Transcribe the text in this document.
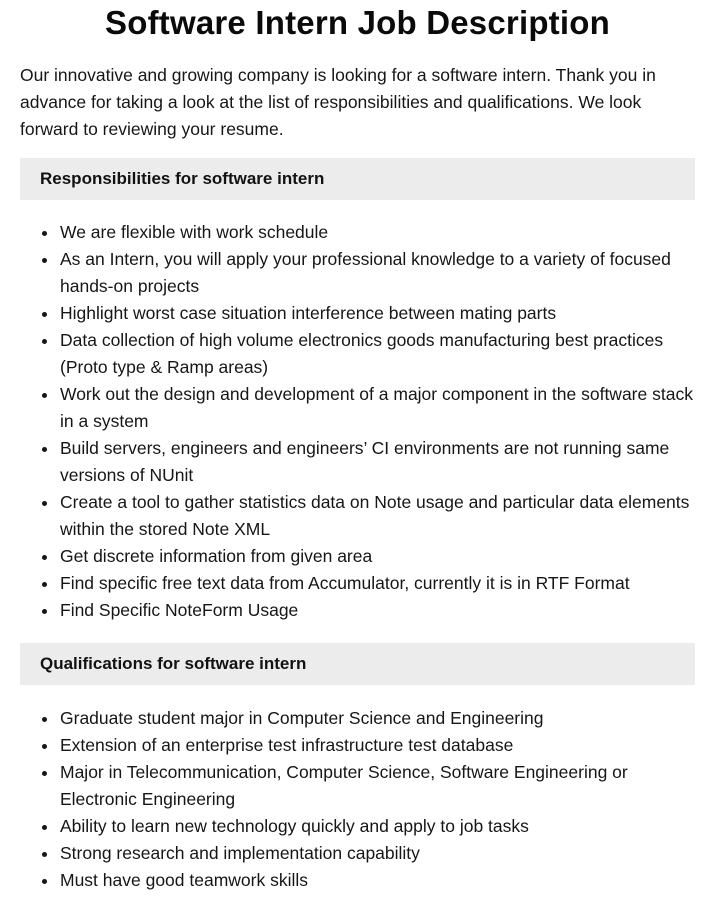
Software Intern Job Description

Our innovative and growing company is looking for a software intern. Thank you in advance for taking a look at the list of responsibilities and qualifications. We look forward to reviewing your resume.

Responsibilities for software intern
We are flexible with work schedule
As an Intern, you will apply your professional knowledge to a variety of focused hands-on projects
Highlight worst case situation interference between mating parts
Data collection of high volume electronics goods manufacturing best practices (Proto type & Ramp areas)
Work out the design and development of a major component in the software stack in a system
Build servers, engineers and engineers’ CI environments are not running same versions of NUnit
Create a tool to gather statistics data on Note usage and particular data elements within the stored Note XML
Get discrete information from given area
Find specific free text data from Accumulator, currently it is in RTF Format
Find Specific NoteForm Usage
Qualifications for software intern
Graduate student major in Computer Science and Engineering
Extension of an enterprise test infrastructure test database
Major in Telecommunication, Computer Science, Software Engineering or Electronic Engineering
Ability to learn new technology quickly and apply to job tasks
Strong research and implementation capability
Must have good teamwork skills
